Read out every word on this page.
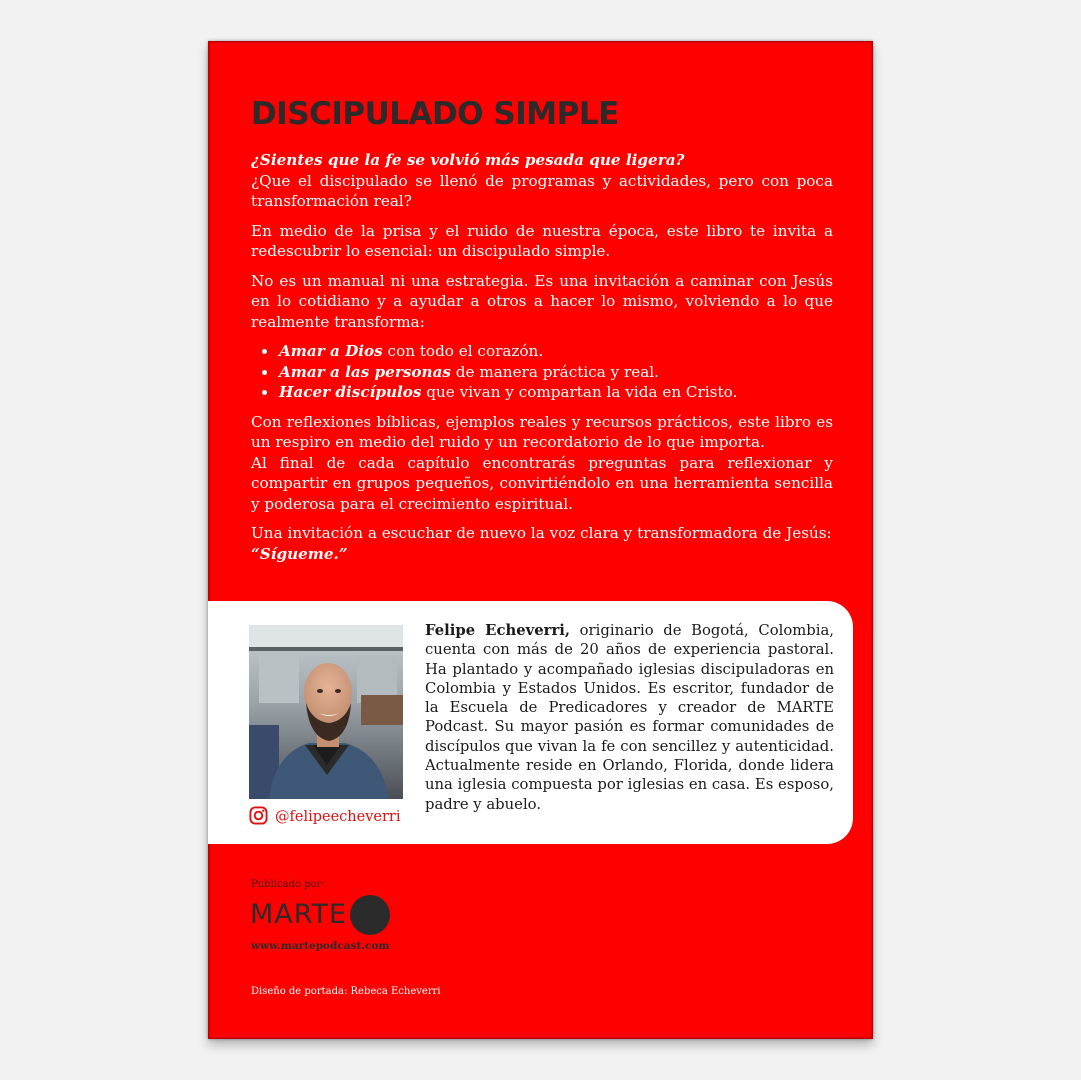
DISCIPULADO SIMPLE

¿Sientes que la fe se volvió más pesada que ligera?

¿Que el discipulado se llenó de programas y actividades, pero con poca transformación real?

En medio de la prisa y el ruido de nuestra época, este libro te invita a redescubrir lo esencial: un discipulado simple.

No es un manual ni una estrategia. Es una invitación a caminar con Jesús en lo cotidiano y a ayudar a otros a hacer lo mismo, volviendo a lo que realmente transforma:

Amar a Dios con todo el corazón.
Amar a las personas de manera práctica y real.
Hacer discípulos que vivan y compartan la vida en Cristo.

Con reflexiones bíblicas, ejemplos reales y recursos prácticos, este libro es un respiro en medio del ruido y un recordatorio de lo que importa.

Al final de cada capítulo encontrarás preguntas para reflexionar y compartir en grupos pequeños, convirtiéndolo en una herramienta sencilla y poderosa para el crecimiento espiritual.

Una invitación a escuchar de nuevo la voz clara y transformadora de Jesús:

“Sígueme.”

@felipeecheverri

Felipe Echeverri, originario de Bogotá, Colombia, cuenta con más de 20 años de experiencia pastoral. Ha plantado y acompañado iglesias discipuladoras en Colombia y Estados Unidos. Es escritor, fundador de la Escuela de Predicadores y creador de MARTE Podcast. Su mayor pasión es formar comunidades de discípulos que vivan la fe con sencillez y autenticidad. Actualmente reside en Orlando, Florida, donde lidera una iglesia compuesta por iglesias en casa. Es esposo, padre y abuelo.

Publicado por:
MARTE
www.martepodcast.com
Diseño de portada: Rebeca Echeverri
